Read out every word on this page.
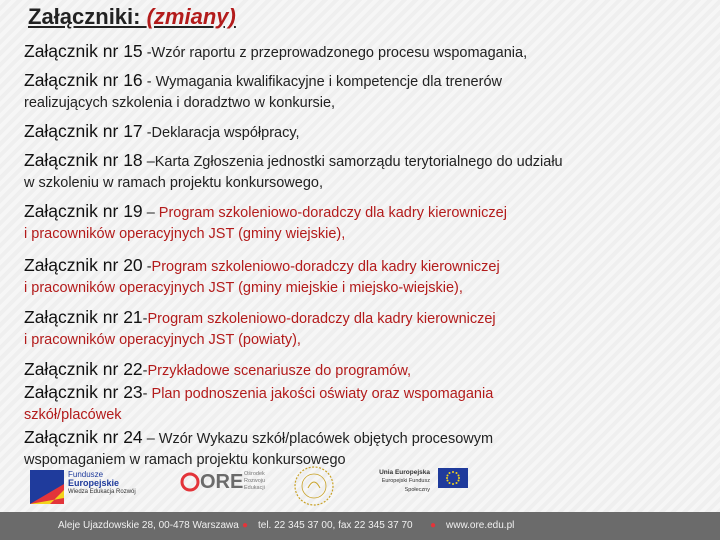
Załączniki: (zmiany)
Załącznik nr 15 -Wzór raportu z przeprowadzonego procesu wspomagania,
Załącznik nr 16 - Wymagania kwalifikacyjne i kompetencje dla trenerów
realizujących szkolenia i doradztwo w konkursie,
Załącznik nr 17 -Deklaracja współpracy,
Załącznik nr 18 –Karta Zgłoszenia jednostki samorządu terytorialnego do udziału
w szkoleniu w ramach projektu konkursowego,
Załącznik nr 19 – Program szkoleniowo-doradczy dla kadry kierowniczej
i pracowników operacyjnych JST (gminy wiejskie),
Załącznik nr 20 -Program szkoleniowo-doradczy dla kadry kierowniczej
i pracowników operacyjnych JST (gminy miejskie i miejsko-wiejskie),
Załącznik nr 21-Program szkoleniowo-doradczy dla kadry kierowniczej
i pracowników operacyjnych JST (powiaty),
Załącznik nr 22-Przykładowe scenariusze do programów,
Załącznik nr 23- Plan podnoszenia jakości oświaty oraz wspomagania
szkół/placówek
Załącznik nr 24 – Wzór Wykazu szkół/placówek objętych procesowym
wspomaganiem w ramach projektu konkursowego
Fundusze
Europejskie
Wiedza Edukacja Rozwój	ORE Ośrodek
Rozwoju
Edukacji
Unia Europejska
Europejski Fundusz Społeczny
Aleje Ujazdowskie 28, 00-478 Warszawa ● tel. 22 345 37 00, fax 22 345 37 70 ● www.ore.edu.pl
